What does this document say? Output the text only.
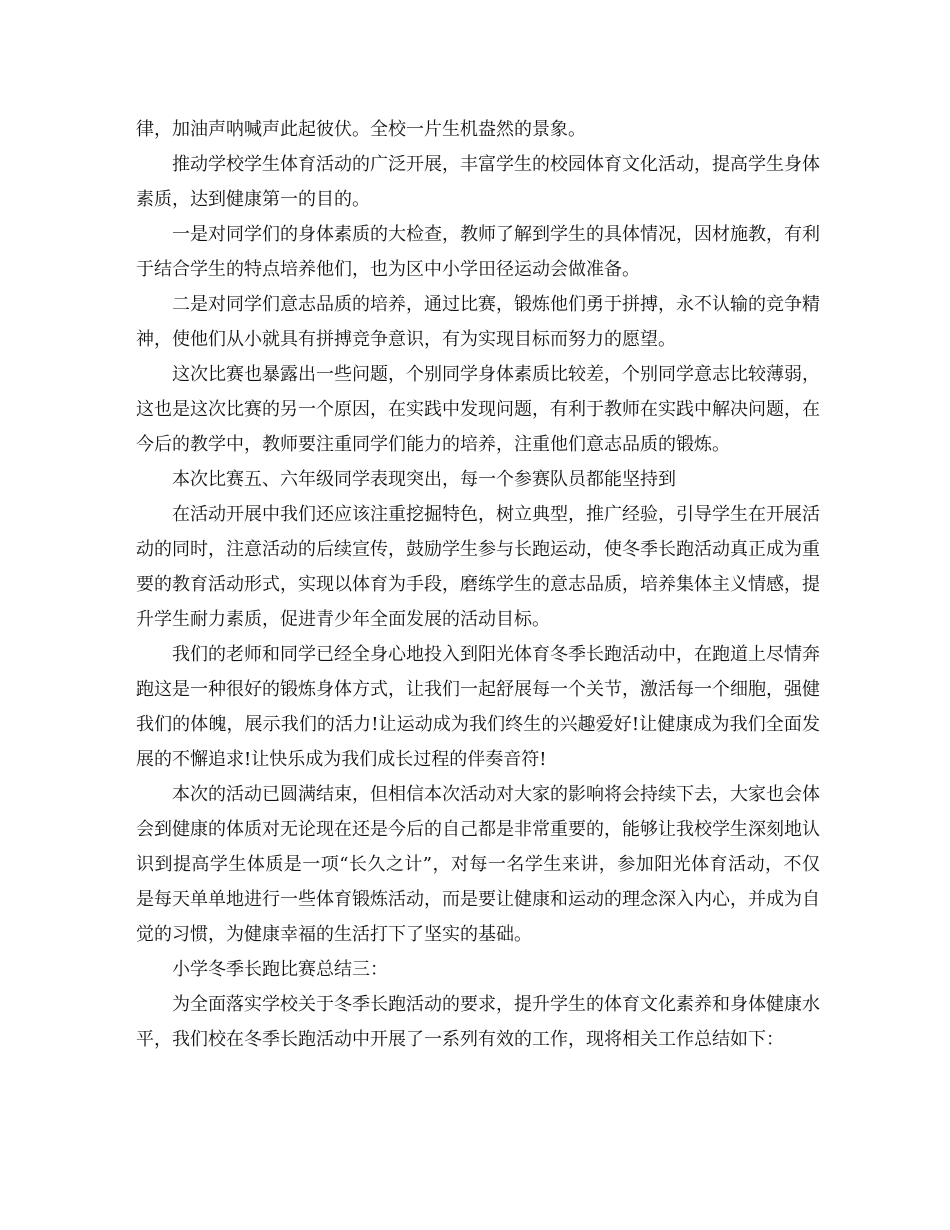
律，加油声呐喊声此起彼伏。全校一片生机盎然的景象。

推动学校学生体育活动的广泛开展，丰富学生的校园体育文化活动，提高学生身体素质，达到健康第一的目的。

一是对同学们的身体素质的大检查，教师了解到学生的具体情况，因材施教，有利于结合学生的特点培养他们，也为区中小学田径运动会做准备。

二是对同学们意志品质的培养，通过比赛，锻炼他们勇于拼搏，永不认输的竞争精神，使他们从小就具有拼搏竞争意识，有为实现目标而努力的愿望。

这次比赛也暴露出一些问题，个别同学身体素质比较差，个别同学意志比较薄弱，这也是这次比赛的另一个原因，在实践中发现问题，有利于教师在实践中解决问题，在今后的教学中，教师要注重同学们能力的培养，注重他们意志品质的锻炼。

本次比赛五、六年级同学表现突出，每一个参赛队员都能坚持到

在活动开展中我们还应该注重挖掘特色，树立典型，推广经验，引导学生在开展活动的同时，注意活动的后续宣传，鼓励学生参与长跑运动，使冬季长跑活动真正成为重要的教育活动形式，实现以体育为手段，磨练学生的意志品质，培养集体主义情感，提升学生耐力素质，促进青少年全面发展的活动目标。

我们的老师和同学已经全身心地投入到阳光体育冬季长跑活动中，在跑道上尽情奔跑这是一种很好的锻炼身体方式，让我们一起舒展每一个关节，激活每一个细胞，强健我们的体魄，展示我们的活力!让运动成为我们终生的兴趣爱好!让健康成为我们全面发展的不懈追求!让快乐成为我们成长过程的伴奏音符!

本次的活动已圆满结束，但相信本次活动对大家的影响将会持续下去，大家也会体会到健康的体质对无论现在还是今后的自己都是非常重要的，能够让我校学生深刻地认识到提高学生体质是一项“长久之计”，对每一名学生来讲，参加阳光体育活动，不仅是每天单单地进行一些体育锻炼活动，而是要让健康和运动的理念深入内心，并成为自觉的习惯，为健康幸福的生活打下了坚实的基础。

小学冬季长跑比赛总结三：

为全面落实学校关于冬季长跑活动的要求，提升学生的体育文化素养和身体健康水平，我们校在冬季长跑活动中开展了一系列有效的工作，现将相关工作总结如下：
